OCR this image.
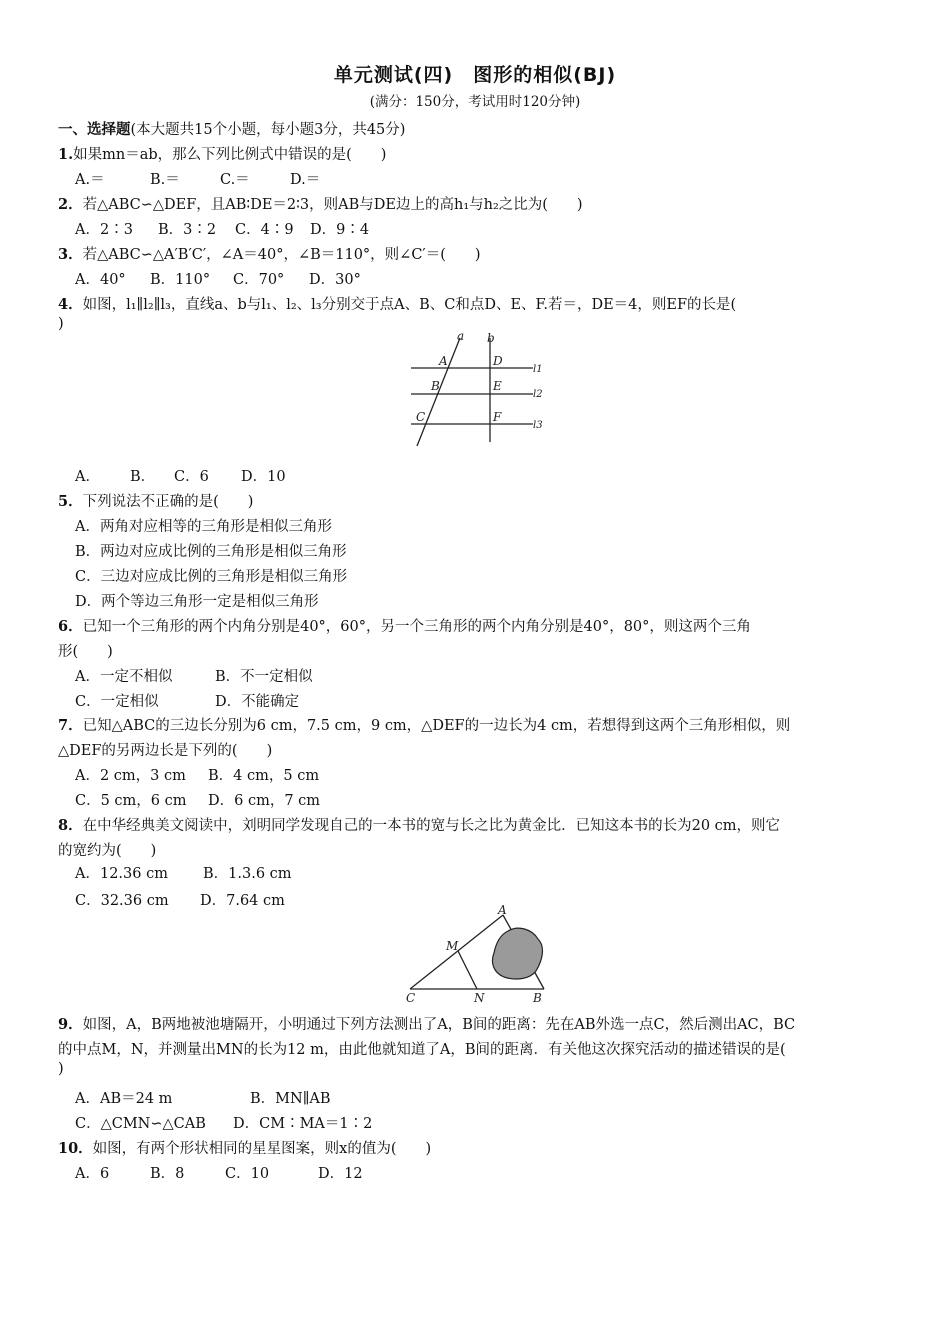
单元测试(四)　图形的相似(BJ)
(满分：150分，考试用时120分钟)
一、选择题(本大题共15个小题，每小题3分，共45分)
1.如果mn＝ab，那么下列比例式中错误的是(　　)
A.＝	B.＝	C.＝	D.＝
2．若△ABC∽△DEF，且AB∶DE＝2∶3，则AB与DE边上的高h₁与h₂之比为(　　)
A．2∶3 B．3∶2 C．4∶9 D．9∶4
3．若△ABC∽△A′B′C′，∠A＝40°，∠B＝110°，则∠C′＝(　　)
A．40° B．110° C．70° D．30°
4．如图，l₁∥l₂∥l₃，直线a、b与l₁、l₂、l₃分别交于点A、B、C和点D、E、F.若＝，DE＝4，则EF的长是(
)
a b
A
B
C
D
E
F
l1
l2
l3
A． B． C．6 D．10
5．下列说法不正确的是(　　)
A．两角对应相等的三角形是相似三角形
B．两边对应成比例的三角形是相似三角形
C．三边对应成比例的三角形是相似三角形
D．两个等边三角形一定是相似三角形
6．已知一个三角形的两个内角分别是40°，60°，另一个三角形的两个内角分别是40°，80°，则这两个三角
形(　　)
A．一定不相似	B．不一定相似
C．一定相似	D．不能确定
7．已知△ABC的三边长分别为6 cm，7.5 cm，9 cm，△DEF的一边长为4 cm，若想得到这两个三角形相似，则
△DEF的另两边长是下列的(　　)
A．2 cm，3 cm B．4 cm，5 cm
C．5 cm，6 cm D．6 cm，7 cm
8．在中华经典美文阅读中，刘明同学发现自己的一本书的宽与长之比为黄金比．已知这本书的长为20 cm，则它
的宽约为(　　)
A．12.36 cm B．1.3.6 cm
C．32.36 cm D．7.64 cm
A
M
C	N	B
9．如图，A，B两地被池塘隔开，小明通过下列方法测出了A，B间的距离：先在AB外选一点C，然后测出AC，BC
的中点M，N，并测量出MN的长为12 m，由此他就知道了A，B间的距离．有关他这次探究活动的描述错误的是(
)
A．AB＝24 m	B．MN∥AB
C．△CMN∽△CAB D．CM∶MA＝1∶2
10．如图，有两个形状相同的星星图案，则x的值为(　　)
A．6	B．8	C．10	D．12
